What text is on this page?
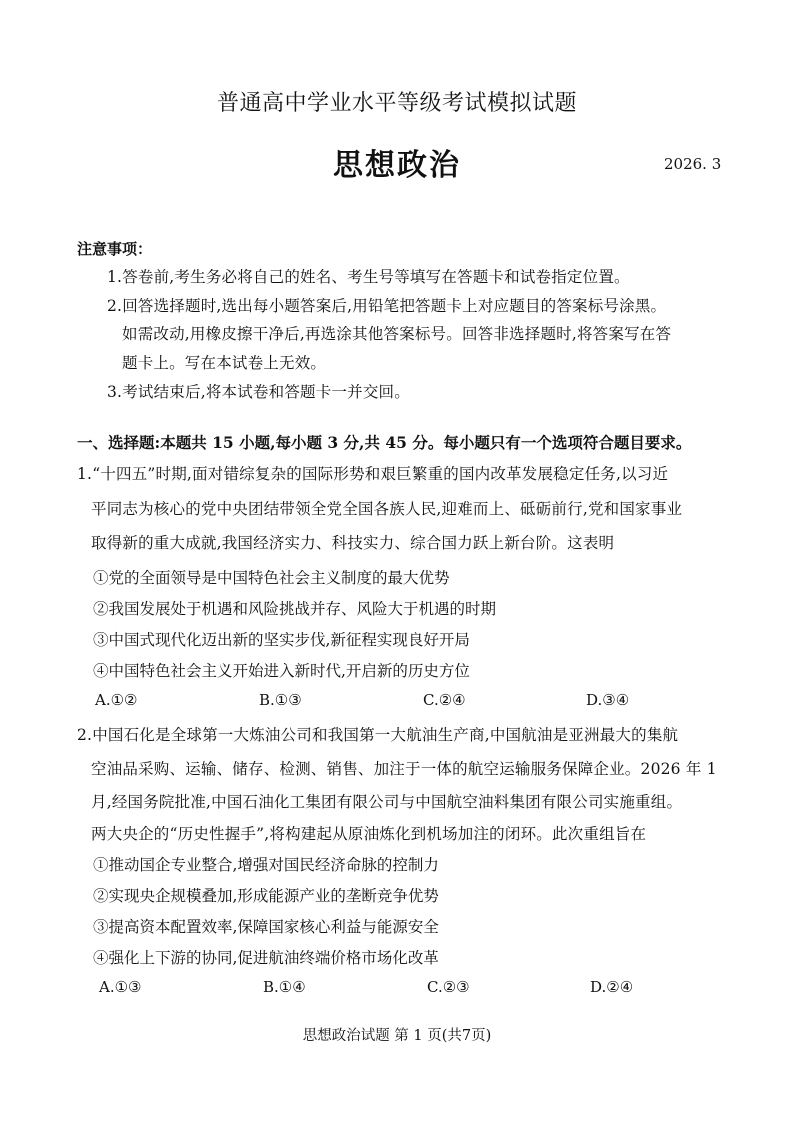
普通高中学业水平等级考试模拟试题
思想政治	2026. 3
注意事项：
1.答卷前,考生务必将自己的姓名、考生号等填写在答题卡和试卷指定位置。
2.回答选择题时,选出每小题答案后,用铅笔把答题卡上对应题目的答案标号涂黑。
如需改动,用橡皮擦干净后,再选涂其他答案标号。回答非选择题时,将答案写在答
题卡上。写在本试卷上无效。
3.考试结束后,将本试卷和答题卡一并交回。
一、选择题:本题共 15 小题,每小题 3 分,共 45 分。每小题只有一个选项符合题目要求。
1.“十四五”时期,面对错综复杂的国际形势和艰巨繁重的国内改革发展稳定任务,以习近
平同志为核心的党中央团结带领全党全国各族人民,迎难而上、砥砺前行,党和国家事业
取得新的重大成就,我国经济实力、科技实力、综合国力跃上新台阶。这表明
①党的全面领导是中国特色社会主义制度的最大优势
②我国发展处于机遇和风险挑战并存、风险大于机遇的时期
③中国式现代化迈出新的坚实步伐,新征程实现良好开局
④中国特色社会主义开始进入新时代,开启新的历史方位
A.①②	B.①③	C.②④	D.③④
2.中国石化是全球第一大炼油公司和我国第一大航油生产商,中国航油是亚洲最大的集航
空油品采购、运输、储存、检测、销售、加注于一体的航空运输服务保障企业。2026 年 1
月,经国务院批准,中国石油化工集团有限公司与中国航空油料集团有限公司实施重组。
两大央企的“历史性握手”,将构建起从原油炼化到机场加注的闭环。此次重组旨在
①推动国企专业整合,增强对国民经济命脉的控制力
②实现央企规模叠加,形成能源产业的垄断竞争优势
③提高资本配置效率,保障国家核心利益与能源安全
④强化上下游的协同,促进航油终端价格市场化改革
A.①③	B.①④	C.②③	D.②④
思想政治试题 第 1 页(共7页)
